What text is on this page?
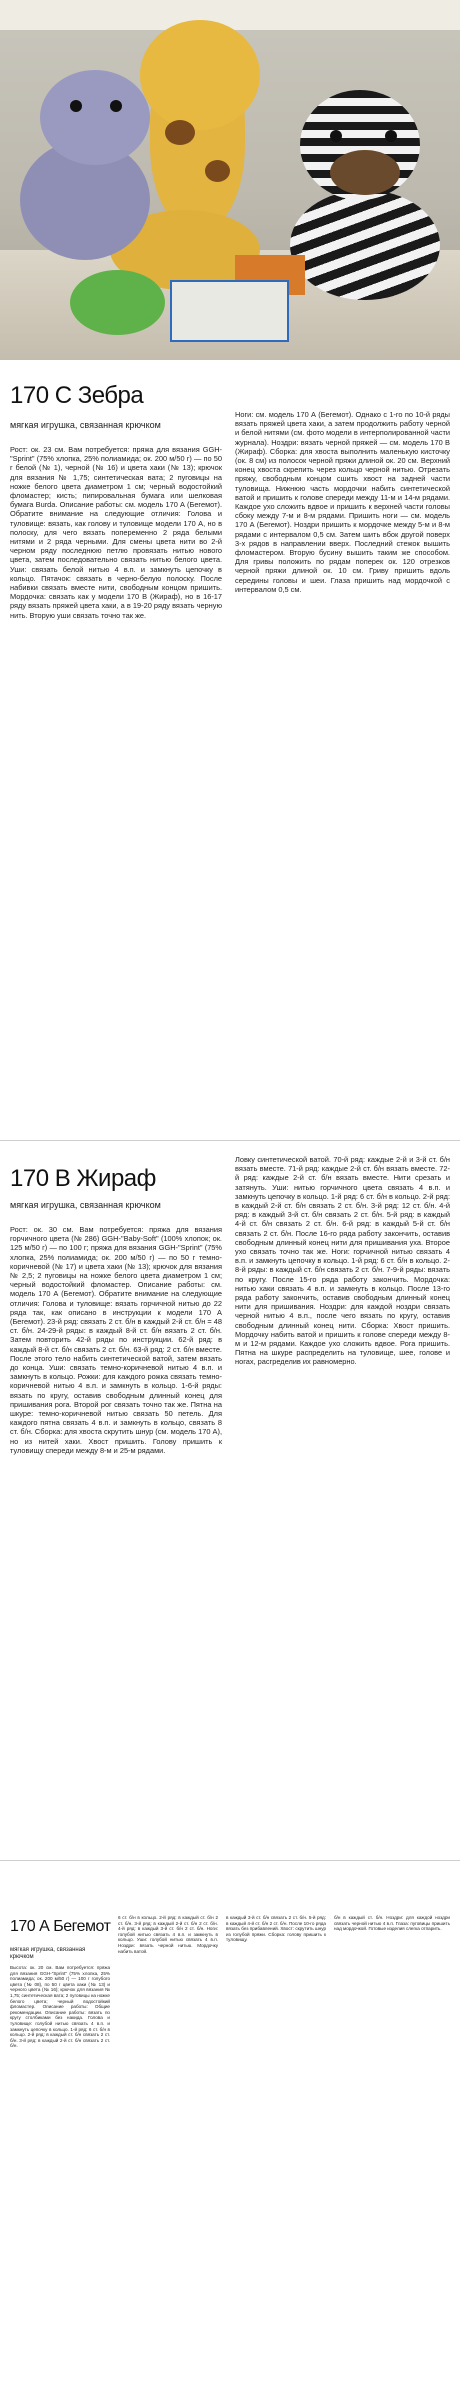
170 С Зебра
мягкая игрушка, связанная крючком
Рост: ок. 23 см. Вам потребуется: пряжа для вязания GGH-"Sprint" (75% хлопка, 25% полиамида; ок. 200 м/50 г) — по 50 г белой (№ 1), черной (№ 16) и цвета хаки (№ 13); крючок для вязания № 1,75; синтетическая вата; 2 пуговицы на ножке белого цвета диаметром 1 см; черный водостойкий фломастер; кисть; пипировальная бумага или шелковая бумага Burda. Описание работы: см. модель 170 А (Бегемот). Обратите внимание на следующие отличия: Голова и туловище: вязать, как голову и туловище модели 170 А, но в полоску, для чего вязать попеременно 2 ряда белыми нитями и 2 ряда черными. Для смены цвета нити во 2-й черном ряду последнюю петлю провязать нитью нового цвета, затем последовательно связать нитью белого цвета. Уши: связать белой нитью 4 в.п. и замкнуть цепочку в кольцо. Пятачок: связать в черно-белую полоску. После набивки связать вместе нити, свободным концом пришить. Мордочка: связать как у модели 170 В (Жираф), но в 16-17 ряду вязать пряжей цвета хаки, а в 19-20 ряду вязать черную нить. Вторую уши связать точно так же.
Ноги: см. модель 170 А (Бегемот). Однако с 1-го по 10-й ряды вязать пряжей цвета хаки, а затем продолжить работу черной и белой нитями (см. фото модели в интерполированной части журнала). Ноздри: вязать черной пряжей — см. модель 170 В (Жираф). Сборка: для хвоста выполнить маленькую кисточку (ок. 8 см) из полосок черной пряжи длиной ок. 20 см. Верхний конец хвоста скрепить через кольцо черной нитью. Отрезать пряжу, свободным концом сшить хвост на задней части туловища. Нижнюю часть мордочки набить синтетической ватой и пришить к голове спереди между 11-м и 14-м рядами. Каждое ухо сложить вдвое и пришить к верхней части головы сбоку между 7-м и 8-м рядами. Пришить ноги — см. модель 170 А (Бегемот). Ноздри пришить к мордочке между 5-м и 8-м рядами с интервалом 0,5 см. Затем шить вбок другой поверх 3-х рядов в направлении вверх. Последний стежок вышить фломастером. Вторую бусину вышить таким же способом. Для гривы положить по рядам поперек ок. 120 отрезков черной пряжи длиной ок. 10 см. Гриву пришить вдоль середины головы и шеи. Глаза пришить над мордочкой с интервалом 0,5 см.
170 В Жираф
мягкая игрушка, связанная крючком
Рост: ок. 30 см. Вам потребуется: пряжа для вязания горчичного цвета (№ 286) GGH-"Baby-Soft" (100% хлопок; ок. 125 м/50 г) — по 100 г; пряжа для вязания GGH-"Sprint" (75% хлопка, 25% полиамида; ок. 200 м/50 г) — по 50 г темно-коричневой (№ 17) и цвета хаки (№ 13); крючок для вязания № 2,5; 2 пуговицы на ножке белого цвета диаметром 1 см; черный водостойкий фломастер. Описание работы: см. модель 170 А (Бегемот). Обратите внимание на следующие отличия: Голова и туловище: вязать горчичной нитью до 22 ряда так, как описано в инструкции к модели 170 А (Бегемот). 23-й ряд: связать 2 ст. б/н в каждый 2-й ст. б/н = 48 ст. б/н. 24-29-й ряды: в каждый 8-й ст. б/н вязать 2 ст. б/н. Затем повторить 42-й ряды по инструкции. 62-й ряд: в каждый 8-й ст. б/н связать 2 ст. б/н. 63-й ряд: 2 ст. б/н вместе. После этого тело набить синтетической ватой, затем вязать до конца. Уши: связать темно-коричневой нитью 4 в.п. и замкнуть в кольцо. Рожки: для каждого рожка связать темно-коричневой нитью 4 в.п. и замкнуть в кольцо. 1-6-й ряды: вязать по кругу, оставив свободным длинный конец для пришивания рога. Второй рог связать точно так же. Пятна на шкуре: темно-коричневой нитью связать 50 петель. Для каждого пятна связать 4 в.п. и замкнуть в кольцо, связать 8 ст. б/н. Сборка: для хвоста скрутить шнур (см. модель 170 А), но из нитей хаки. Хвост пришить. Голову пришить к туловищу спереди между 8-м и 25-м рядами.
Ловку синтетической ватой. 70-й ряд: каждые 2-й и 3-й ст. б/н вязать вместе. 71-й ряд: каждые 2-й ст. б/н вязать вместе. 72-й ряд: каждые 2-й ст. б/н вязать вместе. Нити срезать и затянуть. Уши: нитью горчичного цвета связать 4 в.п. и замкнуть цепочку в кольцо. 1-й ряд: 6 ст. б/н в кольцо. 2-й ряд: в каждый 2-й ст. б/н связать 2 ст. б/н. 3-й ряд: 12 ст. б/н. 4-й ряд: в каждый 3-й ст. б/н связать 2 ст. б/н. 5-й ряд: в каждый 4-й ст. б/н связать 2 ст. б/н. 6-й ряд: в каждый 5-й ст. б/н связать 2 ст. б/н. После 16-го ряда работу закончить, оставив свободным длинный конец нити для пришивания уха. Второе ухо связать точно так же. Ноги: горчичной нитью связать 4 в.п. и замкнуть цепочку в кольцо. 1-й ряд: 6 ст. б/н в кольцо. 2-8-й ряды: в каждый ст. б/н связать 2 ст. б/н. 7-9-й ряды: вязать по кругу. После 15-го ряда работу закончить. Мордочка: нитью хаки связать 4 в.п. и замкнуть в кольцо. После 13-го ряда работу закончить, оставив свободным длинный конец нити для пришивания. Ноздри: для каждой ноздри связать черной нитью 4 в.п., после чего вязать по кругу, оставив свободным длинный конец нити. Сборка: Хвост пришить. Мордочку набить ватой и пришить к голове спереди между 8-м и 12-м рядами. Каждое ухо сложить вдвое. Рога пришить. Пятна на шкуре распределить на туловище, шее, голове и ногах, расгределив их равномерно.
170 А Бегемот
мягкая игрушка, связанная крючком
Высота: ок. 20 см. Вам потребуется: пряжа для вязания GGH-"Sprint" (75% хлопка, 25% полиамида; ок. 200 м/50 г) — 100 г голубого цвета (№ 08), по 50 г цвета хаки (№ 13) и черного цвета (№ 16); крючок для вязания № 1,75; синтетическая вата; 2 пуговицы на ножке белого цвета; черный водостойкий фломастер. Описание работы: Общие рекомендации. Описание работы: вязать по кругу столбиками без накида. Голова и туловище: голубой нитью связать 4 в.п. и замкнуть цепочку в кольцо. 1-й ряд: 6 ст. б/н в кольцо. 2-й ряд: в каждый ст. б/н связать 2 ст. б/н. 3-й ряд: в каждый 2-й ст. б/н связать 2 ст. б/н.
6 ст. б/н в кольцо. 2-й ряд: в каждый ст. б/н 2 ст. б/н. 3-й ряд: в каждый 2-й ст. б/н 2 ст. б/н. 4-й ряд: в каждый 3-й ст. б/н 2 ст. б/н. Ноги: голубой нитью связать 4 в.п. и замкнуть в кольцо. Уши: голубой нитью связать 4 в.п. Ноздри: вязать черной нитью. Мордочку набить ватой.
в каждый 3-й ст. б/н связать 2 ст. б/н. 5-й ряд: в каждый 4-й ст. б/н 2 ст. б/н. После 10-го ряда вязать без прибавлений. Хвост: скрутить шнур из голубой пряжи. Сборка: голову пришить к туловищу.
б/н в каждый ст. б/н. Ноздри: для каждой ноздри связать черной нитью 4 в.п. Глаза: пуговицы пришить над мордочкой. Готовые изделия слегка отпарить.
